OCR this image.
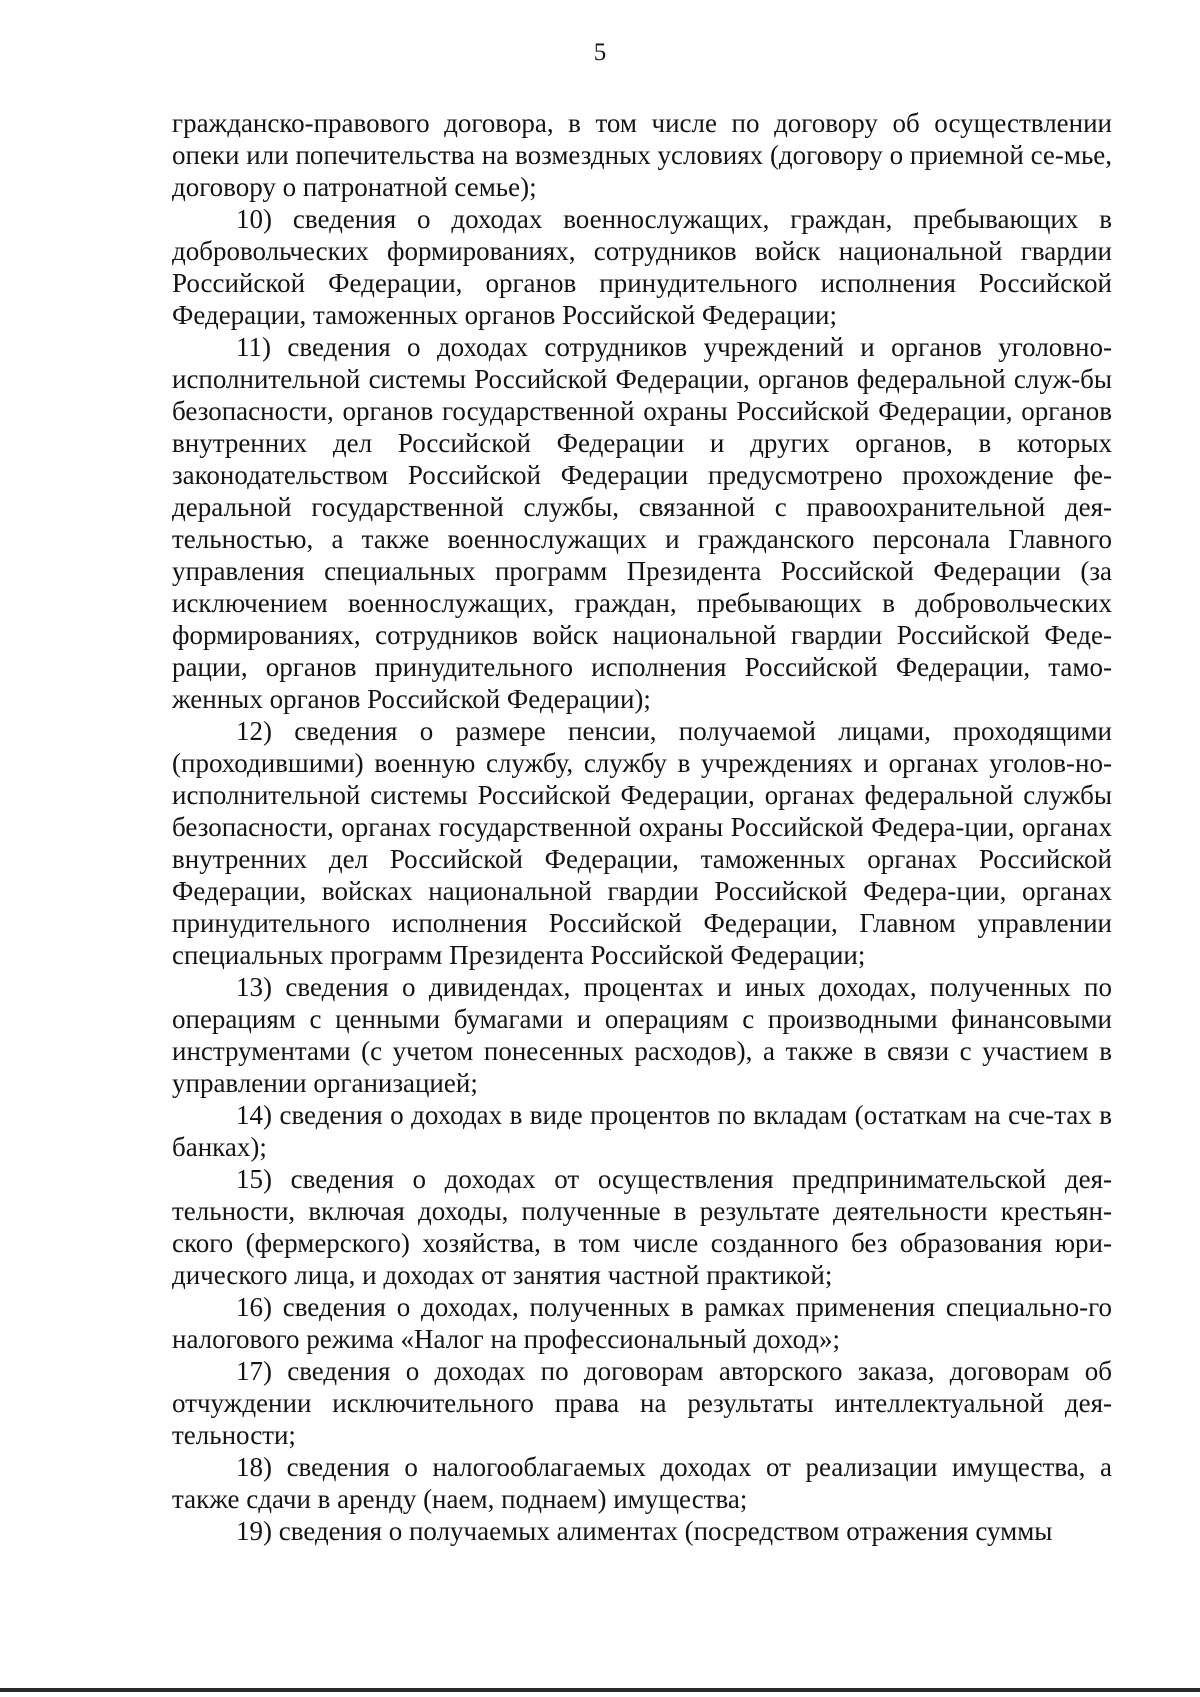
5

гражданско-правового договора, в том числе по договору об осуществлении опеки или попечительства на возмездных условиях (договору о приемной се-мье, договору о патронатной семье);

10) сведения о доходах военнослужащих, граждан, пребывающих в добровольческих формированиях, сотрудников войск национальной гвардии Российской Федерации, органов принудительного исполнения Российской Федерации, таможенных органов Российской Федерации;

11) сведения о доходах сотрудников учреждений и органов уголовно-исполнительной системы Российской Федерации, органов федеральной служ-бы безопасности, органов государственной охраны Российской Федерации, органов внутренних дел Российской Федерации и других органов, в которых законодательством Российской Федерации предусмотрено прохождение фе-деральной государственной службы, связанной с правоохранительной дея-тельностью, а также военнослужащих и гражданского персонала Главного управления специальных программ Президента Российской Федерации (за исключением военнослужащих, граждан, пребывающих в добровольческих формированиях, сотрудников войск национальной гвардии Российской Феде-рации, органов принудительного исполнения Российской Федерации, тамо-женных органов Российской Федерации);

12) сведения о размере пенсии, получаемой лицами, проходящими (проходившими) военную службу, службу в учреждениях и органах уголов-но-исполнительной системы Российской Федерации, органах федеральной службы безопасности, органах государственной охраны Российской Федера-ции, органах внутренних дел Российской Федерации, таможенных органах Российской Федерации, войсках национальной гвардии Российской Федера-ции, органах принудительного исполнения Российской Федерации, Главном управлении специальных программ Президента Российской Федерации;

13) сведения о дивидендах, процентах и иных доходах, полученных по операциям с ценными бумагами и операциям с производными финансовыми инструментами (с учетом понесенных расходов), а также в связи с участием в управлении организацией;

14) сведения о доходах в виде процентов по вкладам (остаткам на сче-тах в банках);

15) сведения о доходах от осуществления предпринимательской дея-тельности, включая доходы, полученные в результате деятельности крестьян-ского (фермерского) хозяйства, в том числе созданного без образования юри-дического лица, и доходах от занятия частной практикой;

16) сведения о доходах, полученных в рамках применения специально-го налогового режима «Налог на профессиональный доход»;

17) сведения о доходах по договорам авторского заказа, договорам об отчуждении исключительного права на результаты интеллектуальной дея-тельности;

18) сведения о налогооблагаемых доходах от реализации имущества, а также сдачи в аренду (наем, поднаем) имущества;

19) сведения о получаемых алиментах (посредством отражения суммы
